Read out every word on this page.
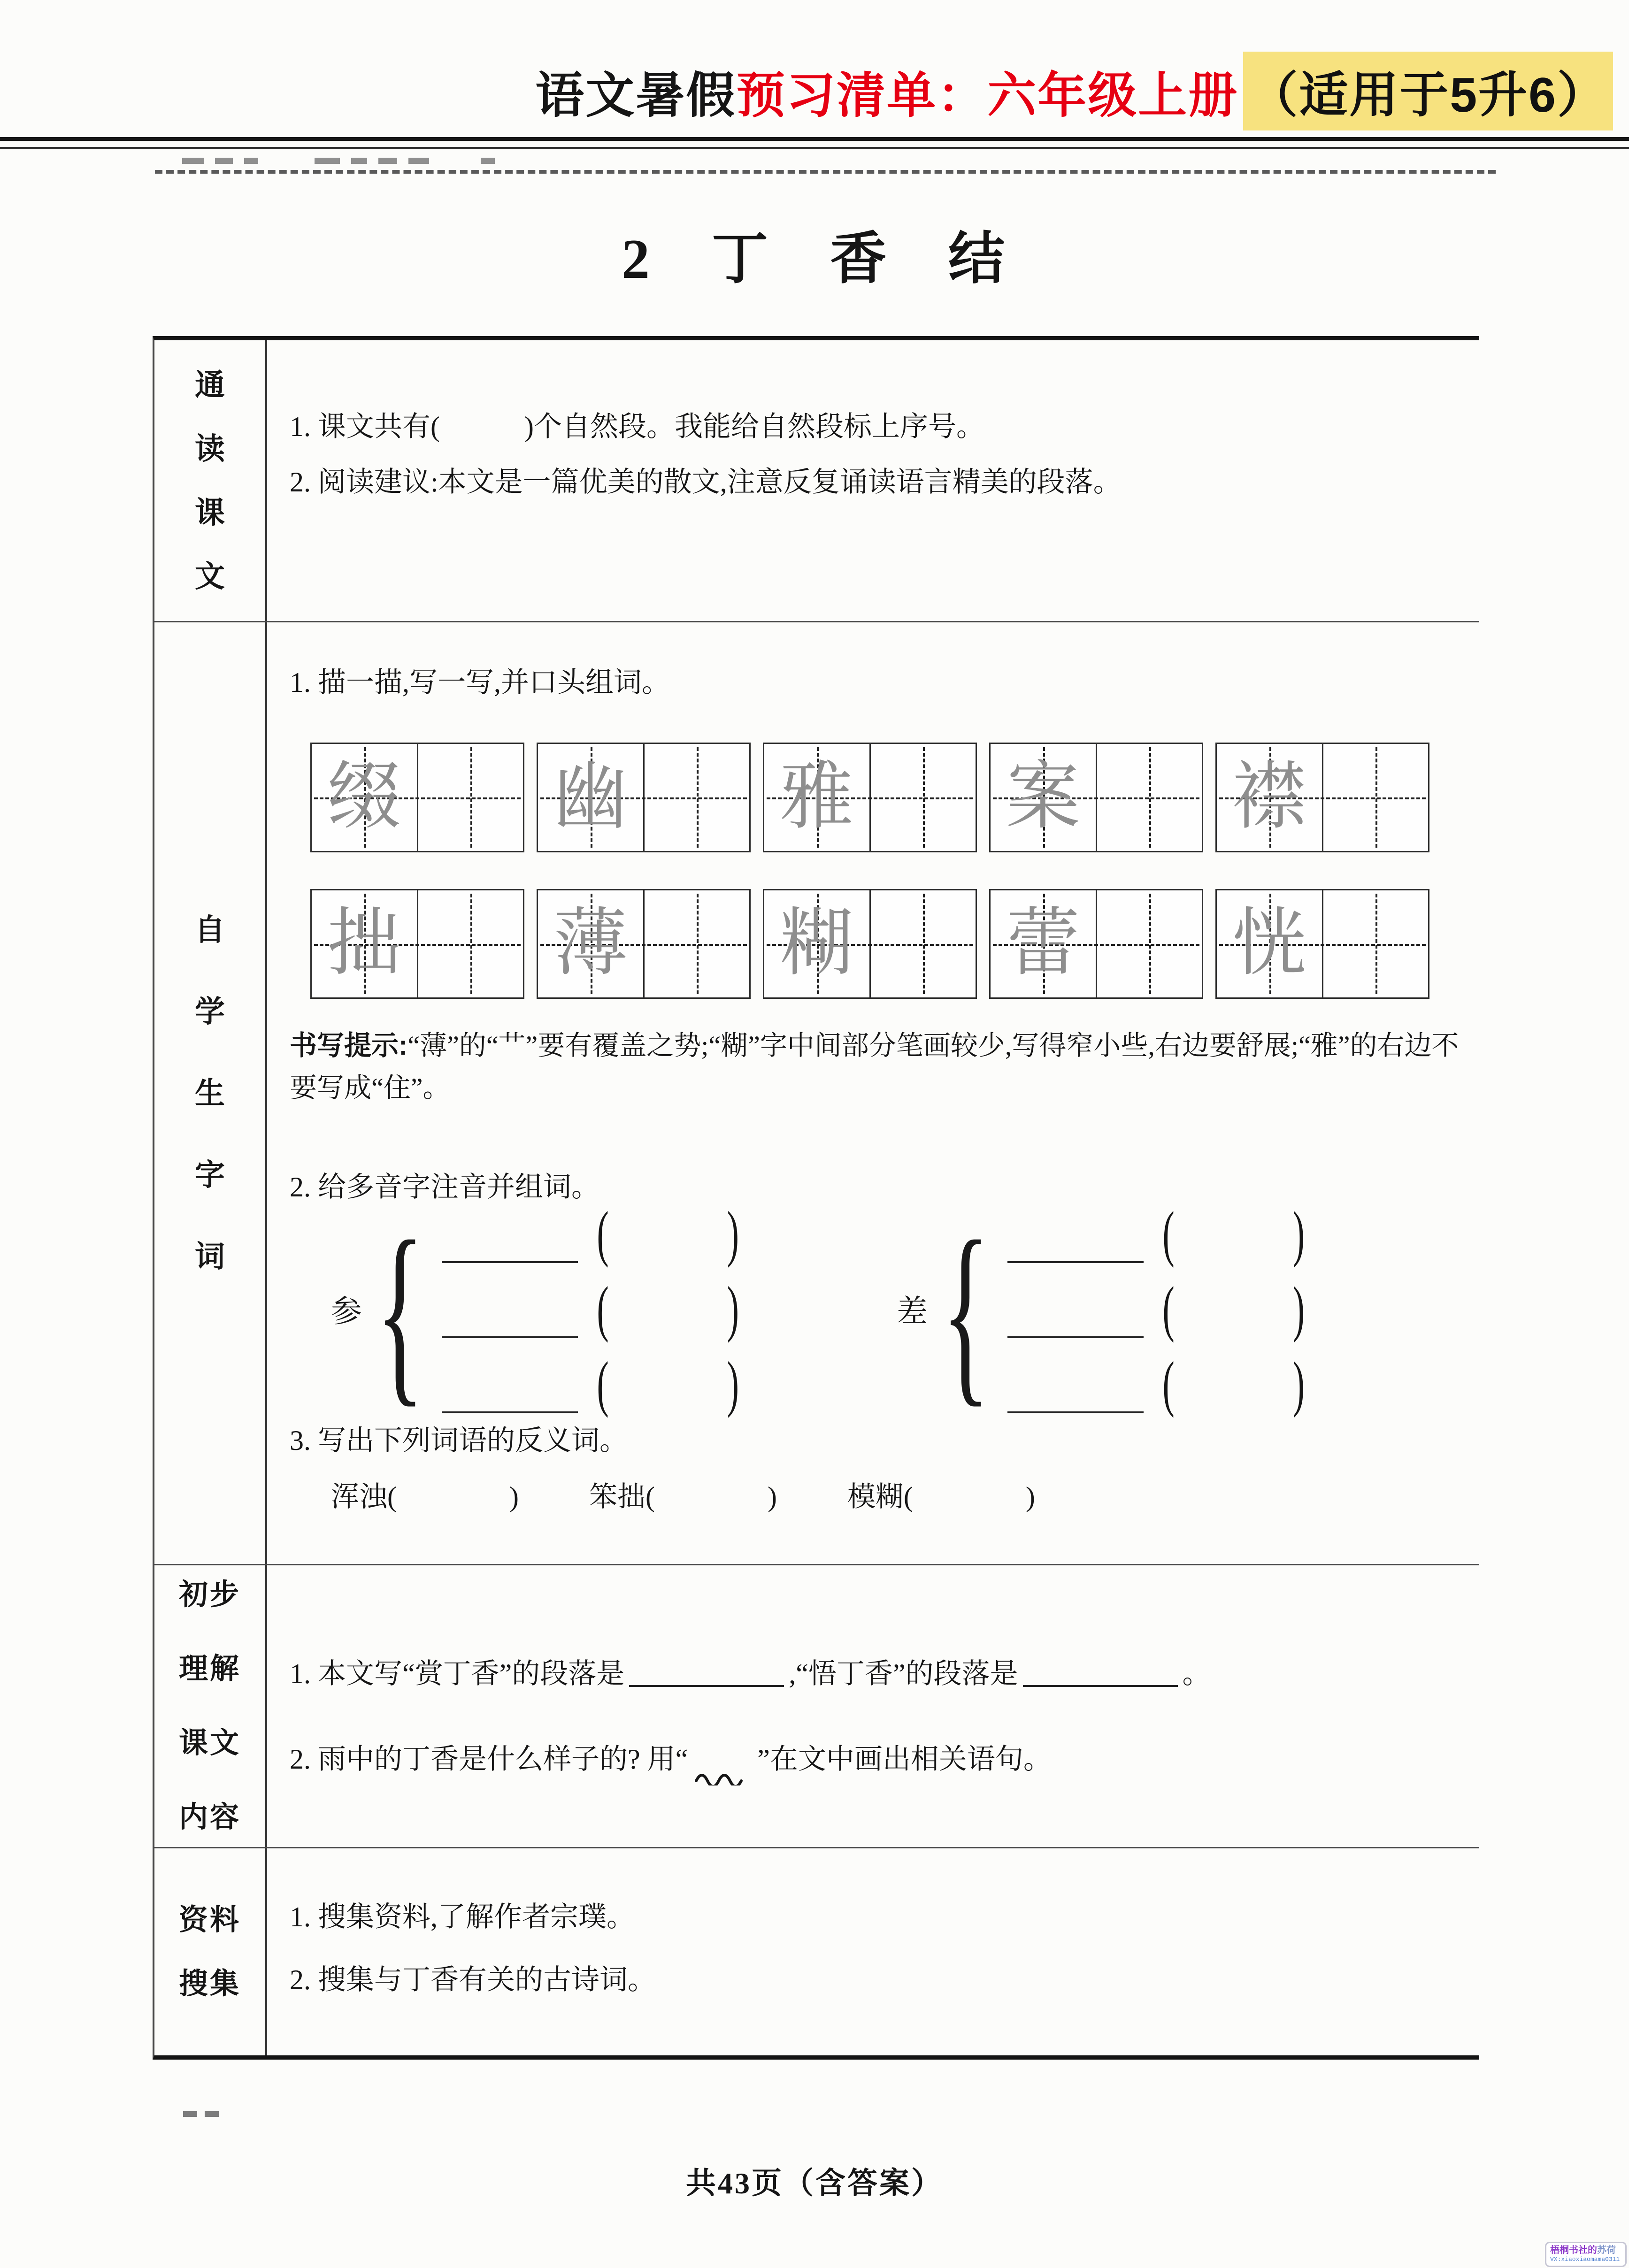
语文暑假 预习清单：六年级上册 （适用于5升6）
2　丁　香　结
通
读
课
文
1. 课文共有(　　　)个自然段。我能给自然段标上序号。
2. 阅读建议:本文是一篇优美的散文,注意反复诵读语言精美的段落。
自
学
生
字
词
1. 描一描,写一写,并口头组词。
缀 幽 雅 案 襟
拙 薄 糊 蕾 恍
书写提示:“薄”的“艹”要有覆盖之势;“糊”字中间部分笔画较少,写得窄小些,右边要舒展;“雅”的右边不要写成“住”。
2. 给多音字注音并组词。
参 {	(　　　)
(　　　)
(　　　)
差 {	(　　　)
(　　　)
(　　　)
3. 写出下列词语的反义词。
浑浊(　　　　)	笨拙(　　　　)	模糊(　　　　)
初步
理解
课文
内容
1. 本文写“赏丁香”的段落是	,“悟丁香”的段落是	。
2. 雨中的丁香是什么样子的? 用“ ”在文中画出相关语句。
资料
搜集
1. 搜集资料,了解作者宗璞。
2. 搜集与丁香有关的古诗词。
共43页（含答案）
梧桐书社的苏荷
VX:xiaoxiaomama0311
